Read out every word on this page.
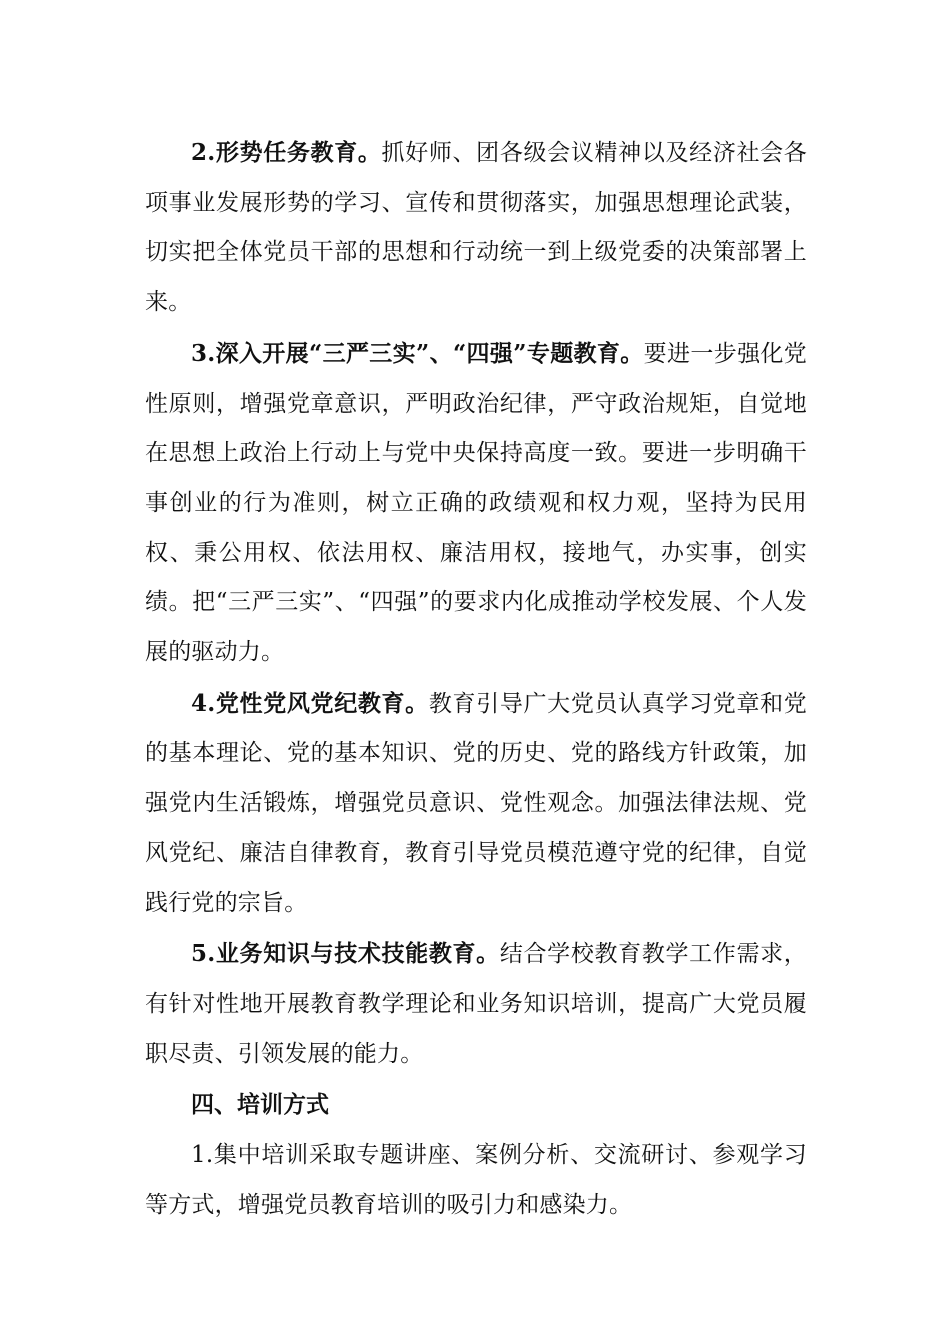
2.形势任务教育。抓好师、团各级会议精神以及经济社会各项事业发展形势的学习、宣传和贯彻落实，加强思想理论武装，切实把全体党员干部的思想和行动统一到上级党委的决策部署上来。

3.深入开展“三严三实”、“四强”专题教育。要进一步强化党性原则，增强党章意识，严明政治纪律，严守政治规矩，自觉地在思想上政治上行动上与党中央保持高度一致。要进一步明确干事创业的行为准则，树立正确的政绩观和权力观，坚持为民用权、秉公用权、依法用权、廉洁用权，接地气，办实事，创实绩。把“三严三实”、“四强”的要求内化成推动学校发展、个人发展的驱动力。

4.党性党风党纪教育。教育引导广大党员认真学习党章和党的基本理论、党的基本知识、党的历史、党的路线方针政策，加强党内生活锻炼，增强党员意识、党性观念。加强法律法规、党风党纪、廉洁自律教育，教育引导党员模范遵守党的纪律，自觉践行党的宗旨。

5.业务知识与技术技能教育。结合学校教育教学工作需求，有针对性地开展教育教学理论和业务知识培训，提高广大党员履职尽责、引领发展的能力。

四、培训方式

1.集中培训采取专题讲座、案例分析、交流研讨、参观学习等方式，增强党员教育培训的吸引力和感染力。
